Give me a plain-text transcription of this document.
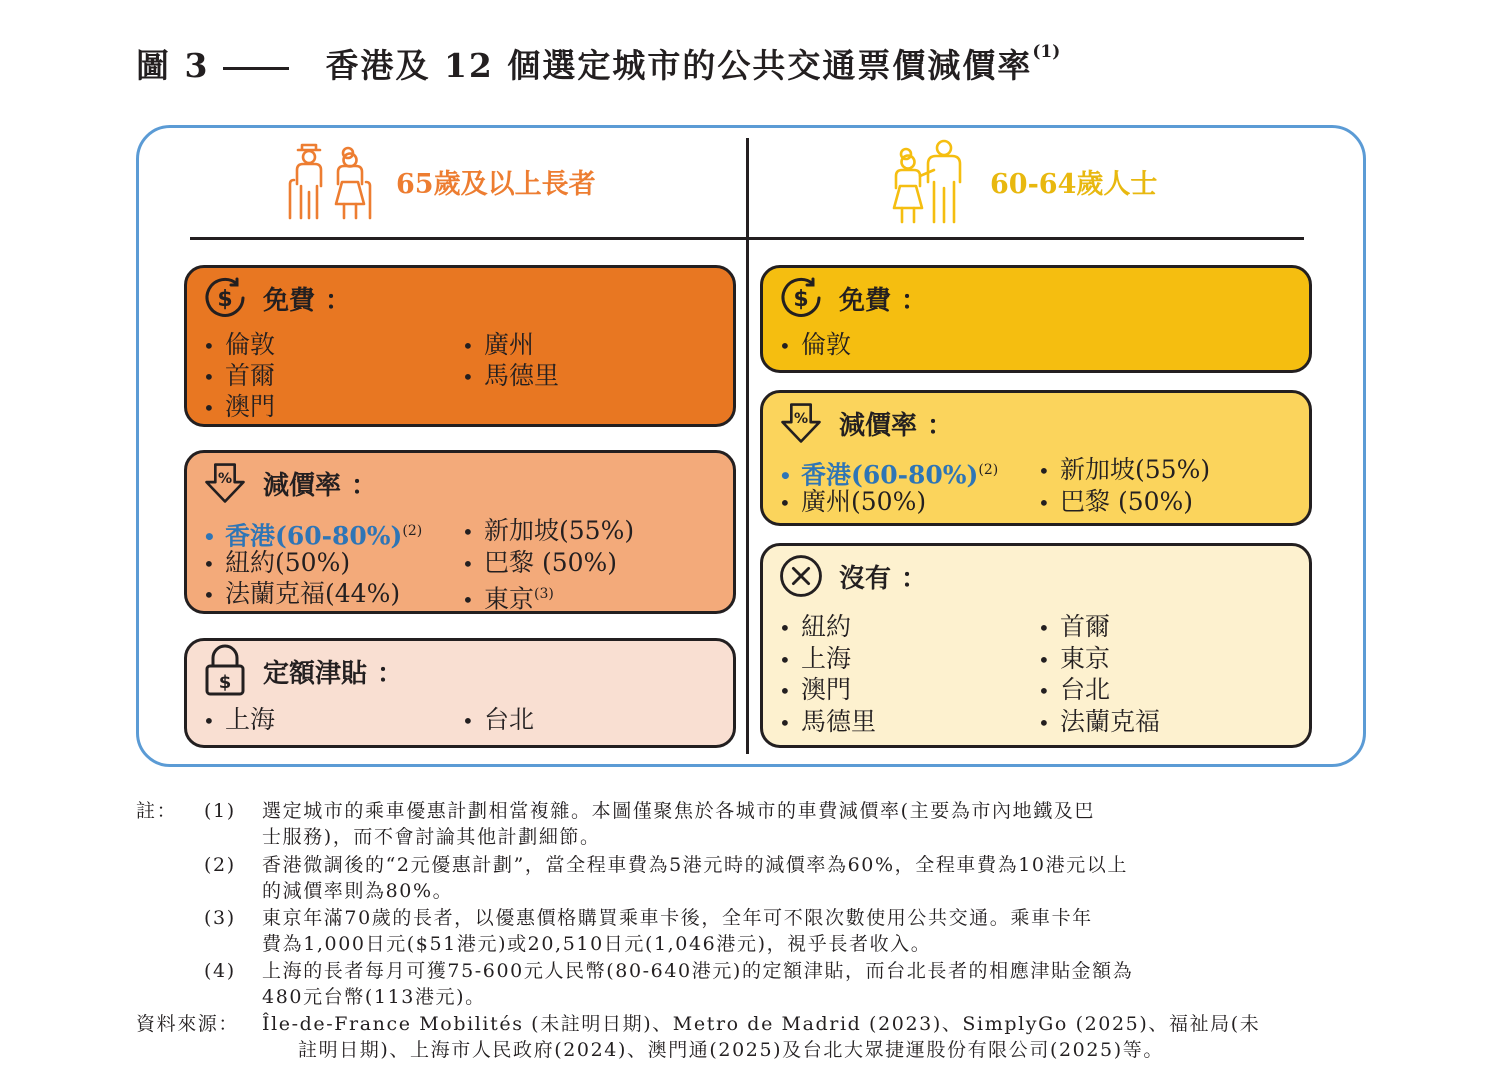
圖 3	香港及 12 個選定城市的公共交通票價減價率$^{(1)}$
65歲及以上長者	60-64歲人士
$ 免費 ：
• 倫敦
• 首爾
• 澳門
• 廣州
• 馬德里
% 減價率 ：
• 香港$(60-80\%)^{(2)}$
• 紐約(50%)
• 法蘭克福(44%)
• 新加坡(55%)
• 巴黎 (50%)
• 東京$^{(3)}$
$ 定額津貼 ：
• 上海	• 台北
$ 免費 ：
• 倫敦
% 減價率 ：
• 香港$(60-80\%)^{(2)}$
• 廣州(50%)
• 新加坡(55%)
• 巴黎 (50%)
沒有 ：
• 紐約
• 上海
• 澳門
• 馬德里
• 首爾
• 東京
• 台北
• 法蘭克福
註： (1) 選定城市的乘車優惠計劃相當複雜。本圖僅聚焦於各城市的車費減價率(主要為市內地鐵及巴
士服務)，而不會討論其他計劃細節。
(2) 香港微調後的“2元優惠計劃”，當全程車費為5港元時的減價率為60%，全程車費為10港元以上
的減價率則為80%。
(3) 東京年滿70歲的長者，以優惠價格購買乘車卡後，全年可不限次數使用公共交通。乘車卡年
費為1,000日元($51港元)或20,510日元(1,046港元)，視乎長者收入。
(4) 上海的長者每月可獲75-600元人民幣(80-640港元)的定額津貼，而台北長者的相應津貼金額為
480元台幣(113港元)。
資料來源： Île-de-France Mobilités (未註明日期)、Metro de Madrid (2023)、SimplyGo (2025)、福祉局(未
註明日期)、上海市人民政府(2024)、澳門通(2025)及台北大眾捷運股份有限公司(2025)等。
